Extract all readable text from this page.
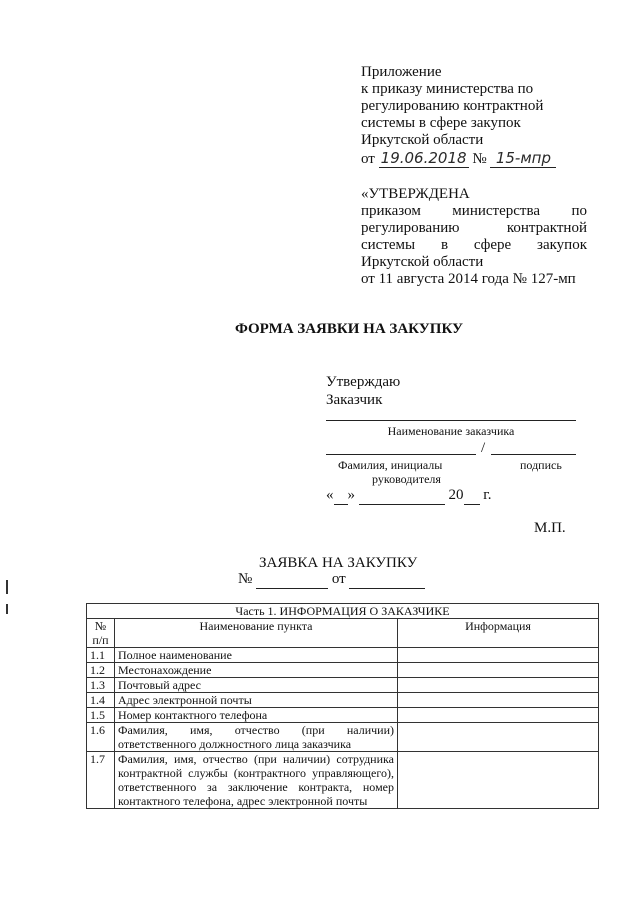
Приложение
к приказу министерства по
регулированию контрактной
системы в сфере закупок
Иркутской области
от 19.06.2018 № 15-мпр
«УТВЕРЖДЕНА
приказом министерства по
регулированию контрактной
системы в сфере закупок
Иркутской области
от 11 августа 2014 года № 127-мп
ФОРМА ЗАЯВКИ НА ЗАКУПКУ
Утверждаю
Заказчик
Наименование заказчика
/
Фамилия, инициалы	подпись
руководителя
« »	20 г.
М.П.
ЗАЯВКА НА ЗАКУПКУ
№	от
Часть 1. ИНФОРМАЦИЯ О ЗАКАЗЧИКЕ		

№
п/п	Наименование пункта	Информация
1.1	Полное наименование	
1.2	Местонахождение	
1.3	Почтовый адрес	
1.4	Адрес электронной почты	
1.5	Номер контактного телефона	
1.6	Фамилия, имя, отчество (при наличии) ответственного должностного лица заказчика	
1.7	Фамилия, имя, отчество (при наличии) сотрудника контрактной службы (контрактного управляющего), ответственного за заключение контракта, номер контактного телефона, адрес электронной почты	
